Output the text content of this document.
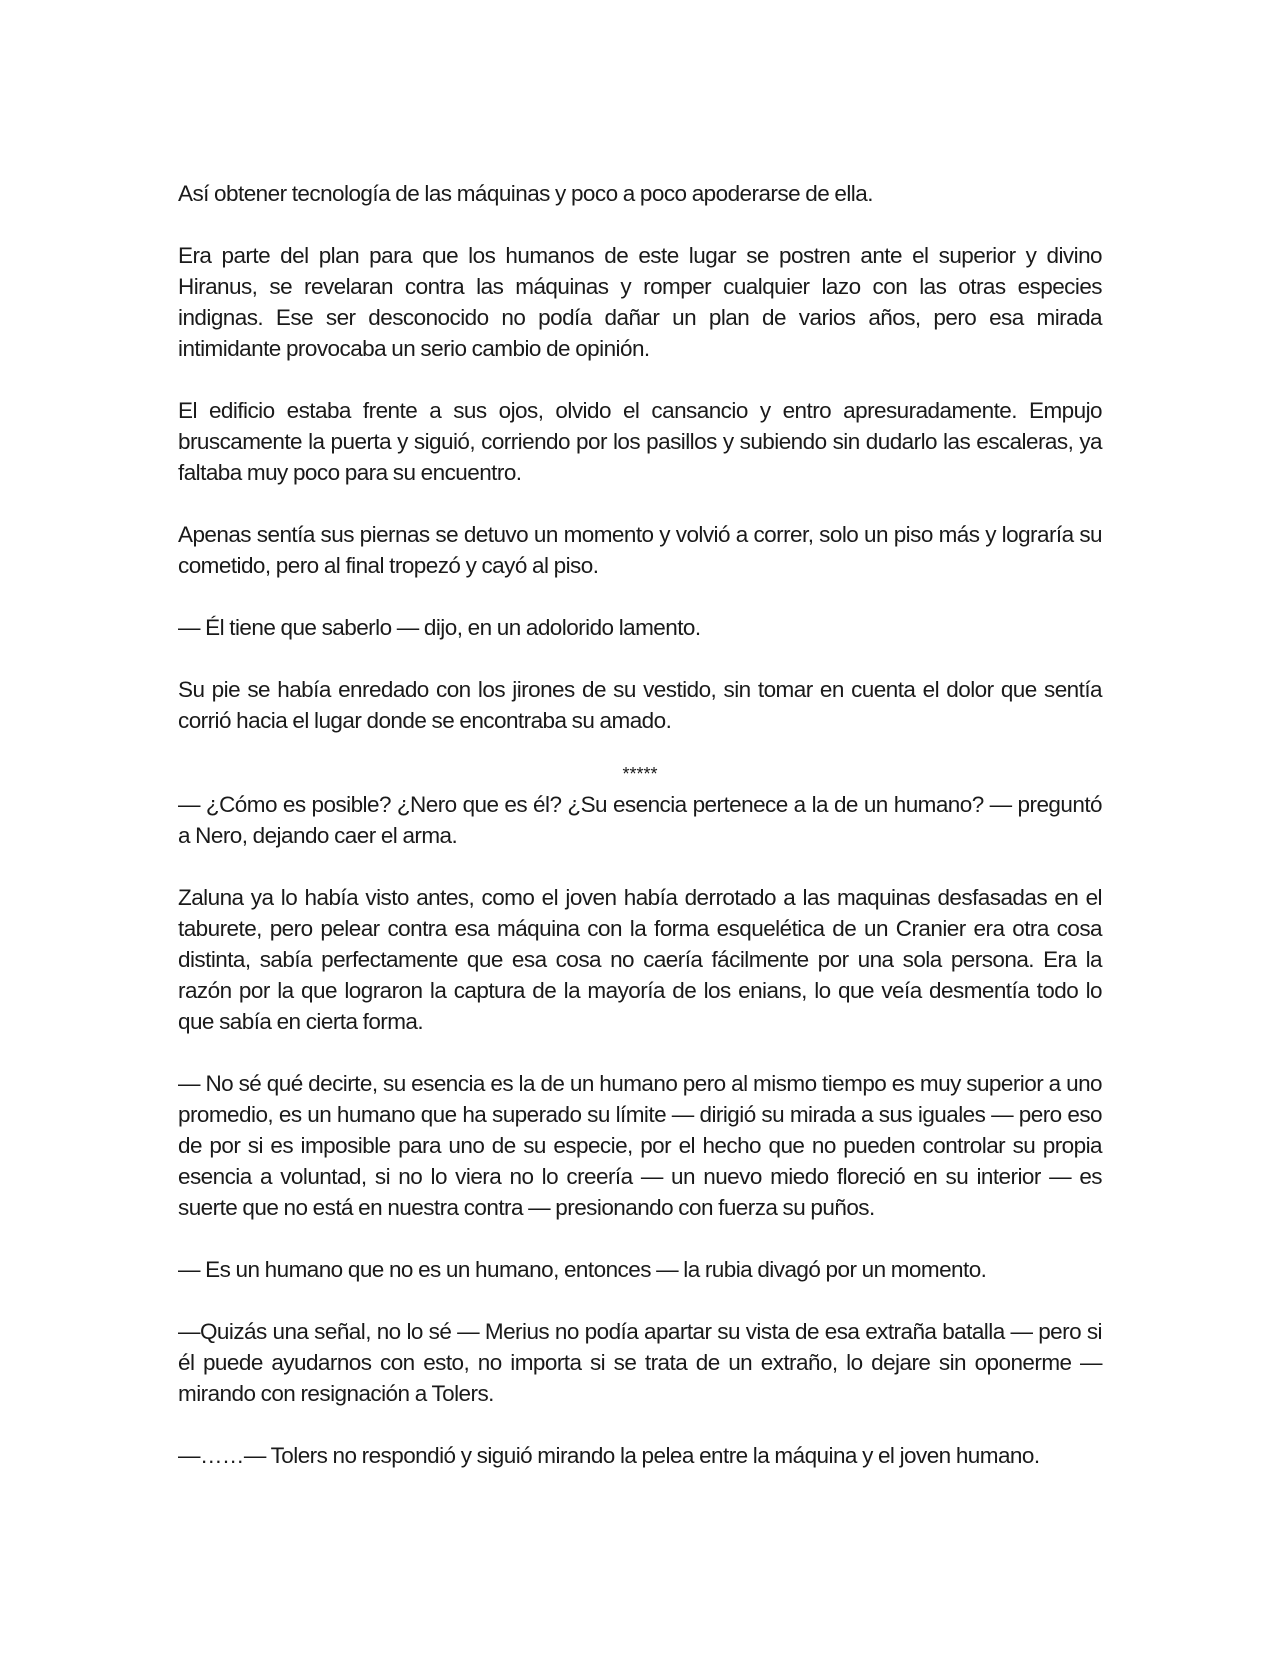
Así obtener tecnología de las máquinas y poco a poco apoderarse de ella.

Era parte del plan para que los humanos de este lugar se postren ante el superior y divino Hiranus, se revelaran contra las máquinas y romper cualquier lazo con las otras especies indignas. Ese ser desconocido no podía dañar un plan de varios años, pero esa mirada intimidante provocaba un serio cambio de opinión.

El edificio estaba frente a sus ojos, olvido el cansancio y entro apresuradamente. Empujo bruscamente la puerta y siguió, corriendo por los pasillos y subiendo sin dudarlo las escaleras, ya faltaba muy poco para su encuentro.

Apenas sentía sus piernas se detuvo un momento y volvió a correr, solo un piso más y lograría su cometido, pero al final tropezó y cayó al piso.

— Él tiene que saberlo — dijo, en un adolorido lamento.

Su pie se había enredado con los jirones de su vestido, sin tomar en cuenta el dolor que sentía corrió hacia el lugar donde se encontraba su amado.

*****

— ¿Cómo es posible? ¿Nero que es él? ¿Su esencia pertenece a la de un humano? — preguntó a Nero, dejando caer el arma.

Zaluna ya lo había visto antes, como el joven había derrotado a las maquinas desfasadas en el taburete, pero pelear contra esa máquina con la forma esquelética de un Cranier era otra cosa distinta, sabía perfectamente que esa cosa no caería fácilmente por una sola persona. Era la razón por la que lograron la captura de la mayoría de los enians, lo que veía desmentía todo lo que sabía en cierta forma.

— No sé qué decirte, su esencia es la de un humano pero al mismo tiempo es muy superior a uno promedio, es un humano que ha superado su límite — dirigió su mirada a sus iguales — pero eso de por si es imposible para uno de su especie, por el hecho que no pueden controlar su propia esencia a voluntad, si no lo viera no lo creería — un nuevo miedo floreció en su interior — es suerte que no está en nuestra contra — presionando con fuerza su puños.

— Es un humano que no es un humano, entonces — la rubia divagó por un momento.

—Quizás una señal, no lo sé — Merius no podía apartar su vista de esa extraña batalla — pero si él puede ayudarnos con esto, no importa si se trata de un extraño, lo dejare sin oponerme — mirando con resignación a Tolers.

—……— Tolers no respondió y siguió mirando la pelea entre la máquina y el joven humano.
